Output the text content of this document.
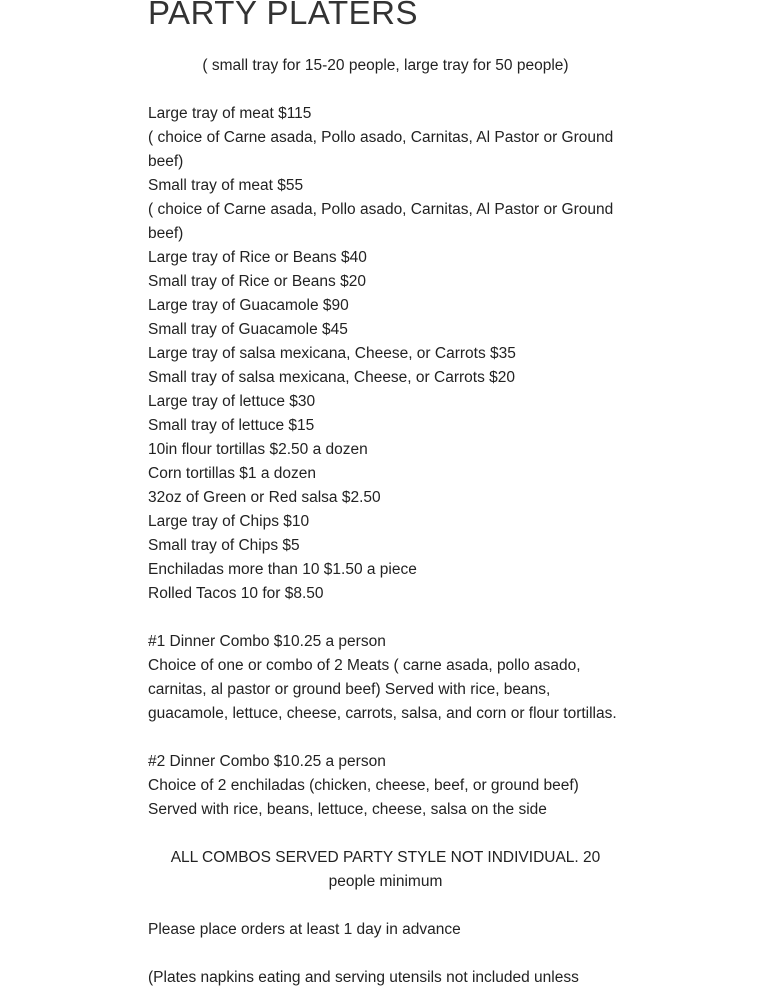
PARTY PLATERS

( small tray for 15-20 people, large tray for 50 people)

Large tray of meat $115

( choice of Carne asada, Pollo asado, Carnitas, Al Pastor or Ground beef)

Small tray of meat $55

( choice of Carne asada, Pollo asado, Carnitas, Al Pastor or Ground beef)

Large tray of Rice or Beans $40

Small tray of Rice or Beans $20

Large tray of Guacamole $90

Small tray of Guacamole $45

Large tray of salsa mexicana, Cheese, or Carrots $35

Small tray of salsa mexicana, Cheese, or Carrots $20

Large tray of lettuce $30

Small tray of lettuce $15

10in flour tortillas $2.50 a dozen

Corn tortillas $1 a dozen

32oz of Green or Red salsa $2.50

Large tray of Chips $10

Small tray of Chips $5

Enchiladas more than 10 $1.50 a piece

Rolled Tacos 10 for $8.50

#1 Dinner Combo $10.25 a person

Choice of one or combo of 2 Meats ( carne asada, pollo asado, carnitas, al pastor or ground beef) Served with rice, beans, guacamole, lettuce, cheese, carrots, salsa, and corn or flour tortillas.

#2 Dinner Combo $10.25 a person

Choice of 2 enchiladas (chicken, cheese, beef, or ground beef) Served with rice, beans, lettuce, cheese, salsa on the side

ALL COMBOS SERVED PARTY STYLE NOT INDIVIDUAL. 20 people minimum

Please place orders at least 1 day in advance

(Plates napkins eating and serving utensils not included unless
